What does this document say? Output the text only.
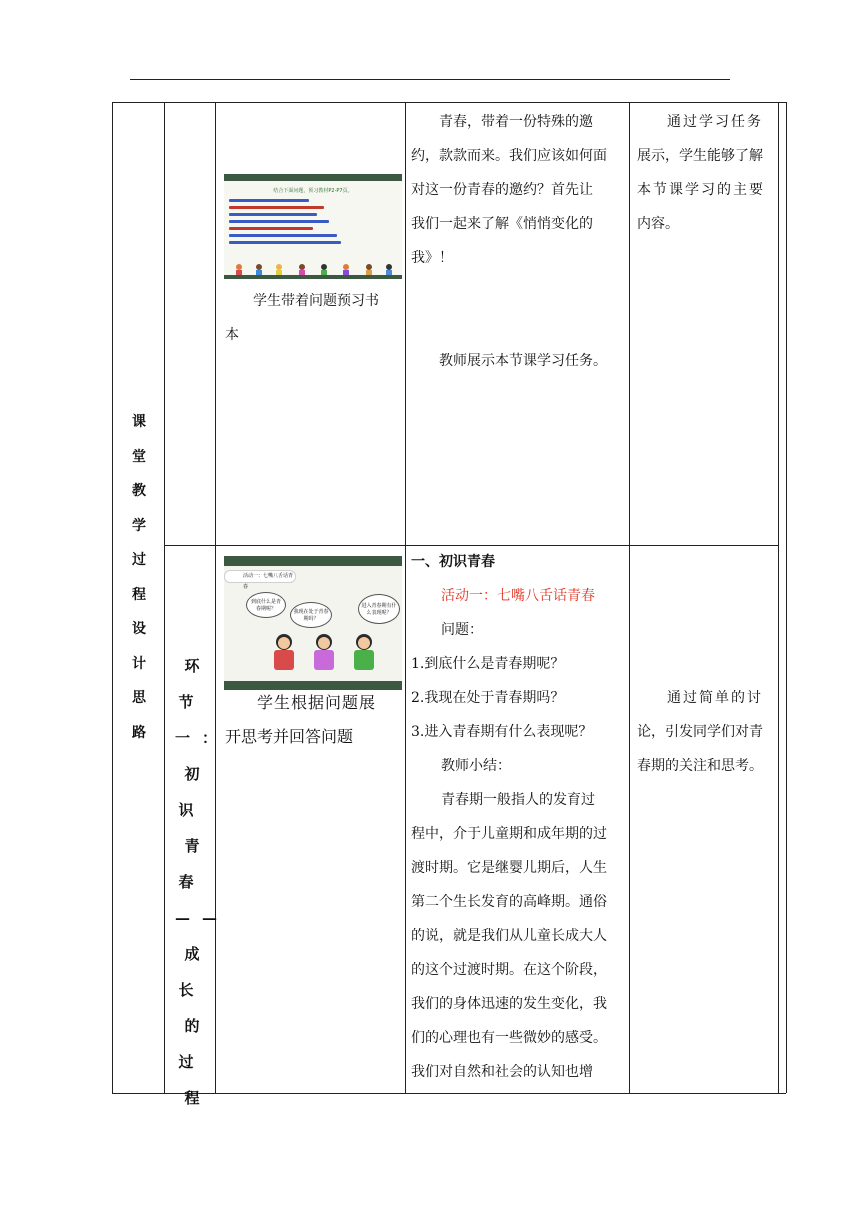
课
堂
教
学
过
程
设
计
思
路
环节
一：
初识
青春
——
成长
的过
程
自主预习
结合下面问题，预习教材P2-P7页。
学生带着问题预习书
本
青春，带着一份特殊的邀
约，款款而来。我们应该如何面
对这一份青春的邀约？首先让
我们一起来了解《悄悄变化的
我》！
教师展示本节课学习任务。
通过学习任务
展示，学生能够了解
本节课学习的主要
内容。
初识青春——成长的过程
活动一：七嘴八舌话青春
到底什么是青春期呢？	我现在处于青春期吗？
进入青春期有什么表现呢？
学生根据问题展
开思考并回答问题
一、初识青春
活动一：七嘴八舌话青春
问题：
1.到底什么是青春期呢？
2.我现在处于青春期吗？
3.进入青春期有什么表现呢？
教师小结：
青春期一般指人的发育过
程中，介于儿童期和成年期的过
渡时期。它是继婴儿期后，人生
第二个生长发育的高峰期。通俗
的说，就是我们从儿童长成大人
的这个过渡时期。在这个阶段，
我们的身体迅速的发生变化，我
们的心理也有一些微妙的感受。
我们对自然和社会的认知也增
通过简单的讨
论，引发同学们对青
春期的关注和思考。
